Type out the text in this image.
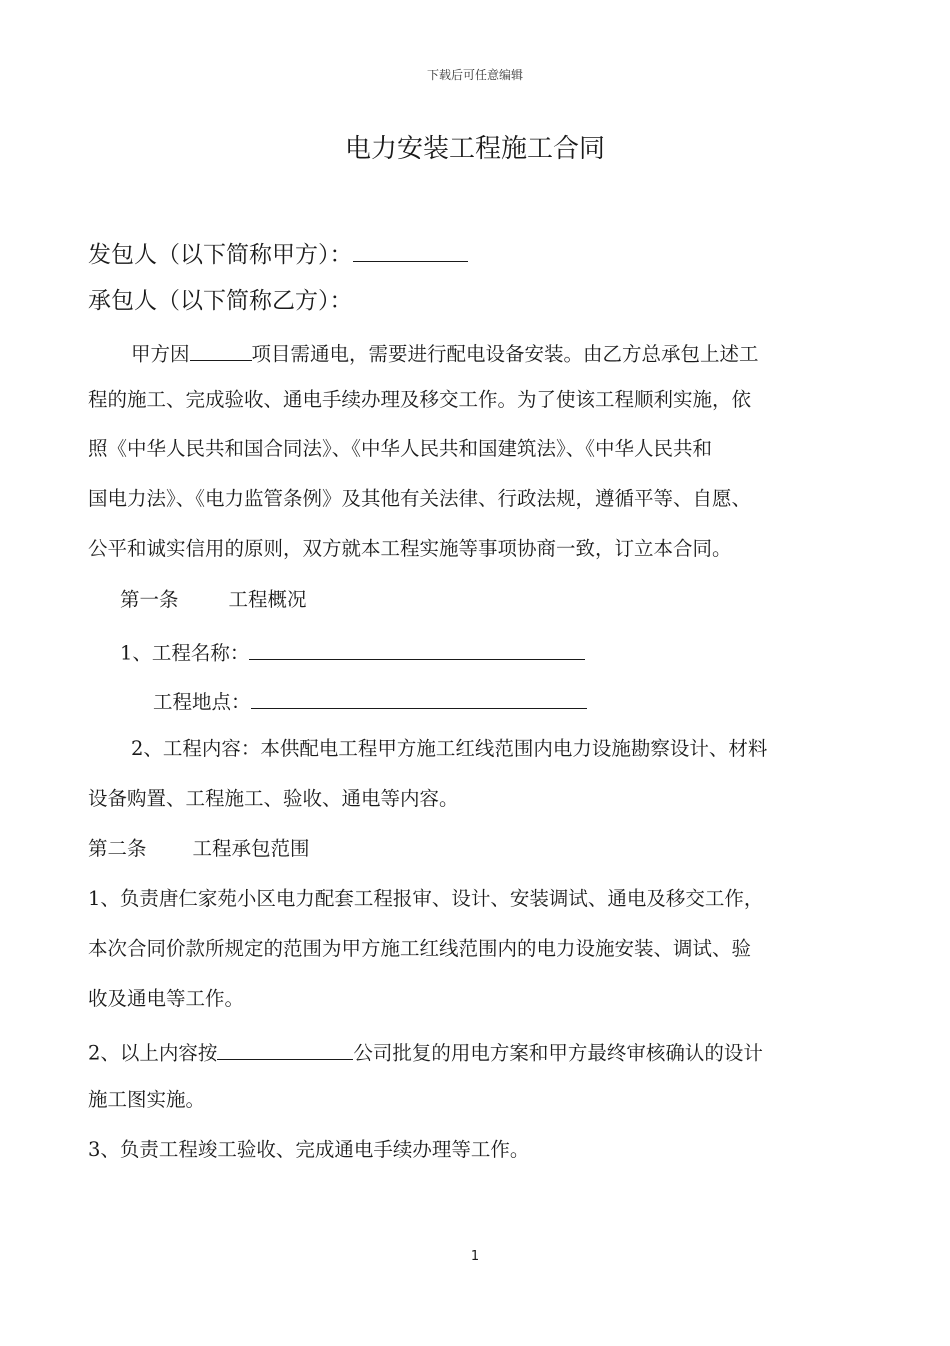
下载后可任意编辑
电力安装工程施工合同
发包人（以下简称甲方）：
承包人（以下简称乙方）：
甲方因	项目需通电，需要进行配电设备安装。由乙方总承包上述工
程的施工、完成验收、通电手续办理及移交工作。为了使该工程顺利实施，依
照《中华人民共和国合同法》、《中华人民共和国建筑法》、《中华人民共和
国电力法》、《电力监管条例》及其他有关法律、行政法规，遵循平等、自愿、
公平和诚实信用的原则，双方就本工程实施等事项协商一致，订立本合同。
第一条	工程概况
1、工程名称：
工程地点：
2、工程内容：本供配电工程甲方施工红线范围内电力设施勘察设计、材料
设备购置、工程施工、验收、通电等内容。
第二条 工程承包范围
1、负责唐仁家苑小区电力配套工程报审、设计、安装调试、通电及移交工作，
本次合同价款所规定的范围为甲方施工红线范围内的电力设施安装、调试、验
收及通电等工作。
2、以上内容按	公司批复的用电方案和甲方最终审核确认的设计
施工图实施。
3、负责工程竣工验收、完成通电手续办理等工作。
1
